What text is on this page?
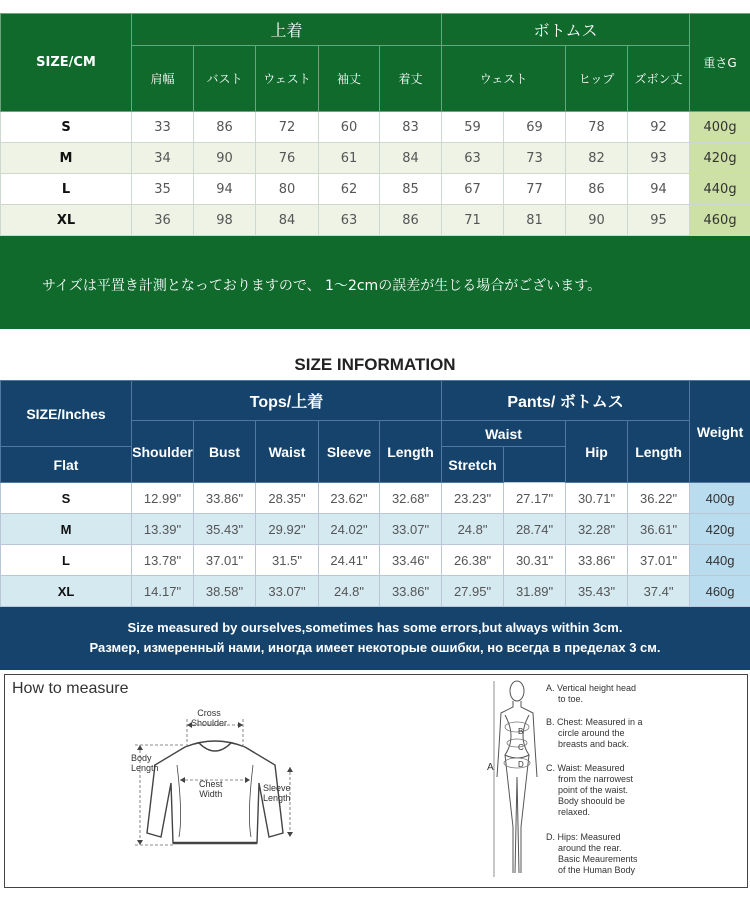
SIZE/CM	上着					ボトムス				重さG
	肩幅	バスト	ウェスト	袖丈	着丈	ウェスト		ヒップ	ズボン丈	
S	33	86	72	60	83	59	69	78	92	400g
M	34	90	76	61	84	63	73	82	93	420g
L	35	94	80	62	85	67	77	86	94	440g
XL	36	98	84	63	86	71	81	90	95	460g
サイズは平置き計測となっておりますので、 1～2cmの誤差が生じる場合がございます。
SIZE INFORMATION
SIZE/Inches	Tops/上着					Pants/ ボトムス				Weight
	Shoulder	Bust	Waist	Sleeve	Length	Waist		Hip	Length	
Flat						Stretch				
S	12.99"	33.86"	28.35"	23.62"	32.68"	23.23"	27.17"	30.71"	36.22"	400g
M	13.39"	35.43"	29.92"	24.02"	33.07"	24.8"	28.74"	32.28"	36.61"	420g
L	13.78"	37.01"	31.5"	24.41"	33.46"	26.38"	30.31"	33.86"	37.01"	440g
XL	14.17"	38.58"	33.07"	24.8"	33.86"	27.95"	31.89"	35.43"	37.4"	460g
Size measured by ourselves,sometimes has some errors,but always within 3cm.
Размер, измеренный нами, иногда имеет некоторые ошибки, но всегда в пределах 3 см.
How to measure
Cross
Shoulder
Body
Length
Chest
Width
Sleeve
Length
A
B
C
D
A. Vertical height head
to toe.
B. Chest: Measured in a
circle around the
breasts and back.
C. Waist: Measured
from the narrowest
point of the waist.
Body shoould be
relaxed.
D. Hips: Measured
around the rear.
Basic Meaurements
of the Human Body
